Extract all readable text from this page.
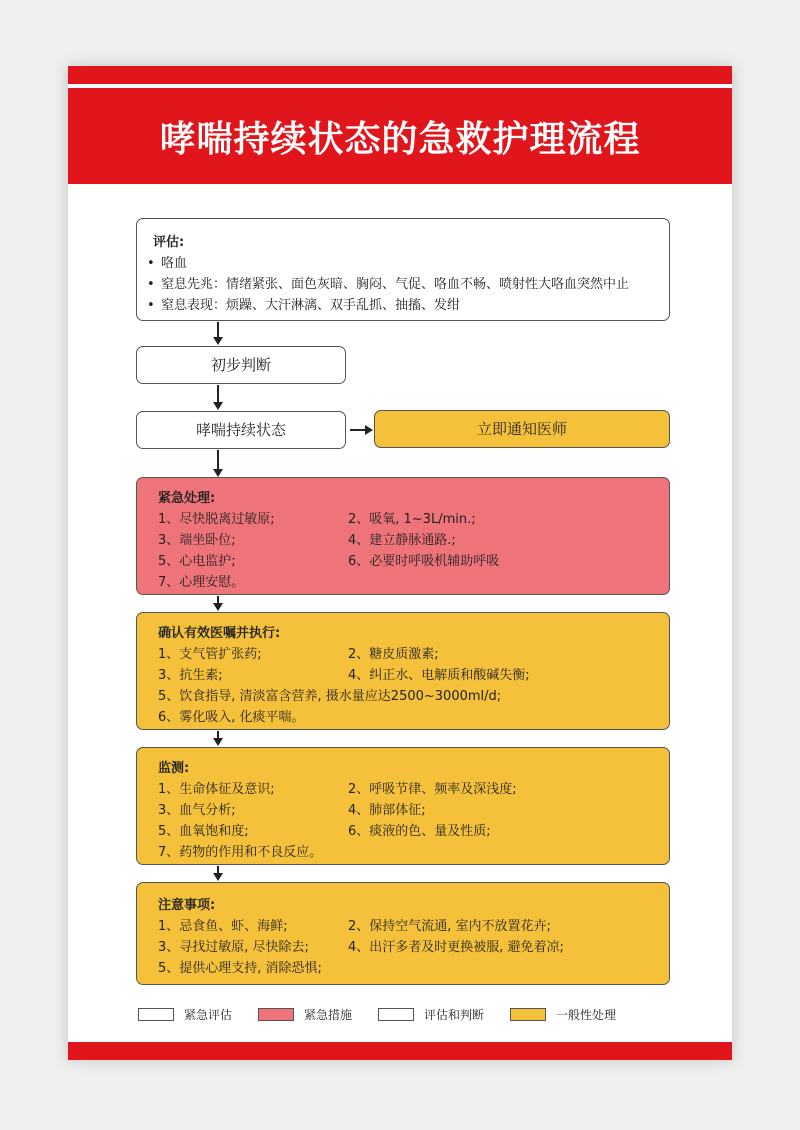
哮喘持续状态的急救护理流程
评估:
• 咯血
• 窒息先兆：情绪紧张、面色灰暗、胸闷、气促、咯血不畅、喷射性大咯血突然中止
• 窒息表现：烦躁、大汗淋漓、双手乱抓、抽搐、发绀
初步判断
哮喘持续状态	立即通知医师
紧急处理:
1、尽快脱离过敏原;	2、吸氧, 1~3L/min.;
3、端坐卧位;	4、建立静脉通路.;
5、心电监护;	6、必要时呼吸机辅助呼吸
7、心理安慰。
确认有效医嘱并执行:
1、支气管扩张药;	2、糖皮质激素;
3、抗生素;	4、纠正水、电解质和酸碱失衡;
5、饮食指导, 清淡富含营养, 摄水量应达2500~3000ml/d;
6、雾化吸入, 化痰平喘。
监测:
1、生命体征及意识;	2、呼吸节律、频率及深浅度;
3、血气分析;	4、肺部体征;
5、血氧饱和度;	6、痰液的色、量及性质;
7、药物的作用和不良反应。
注意事项:
1、忌食鱼、虾、海鲜;	2、保持空气流通, 室内不放置花卉;
3、寻找过敏原, 尽快除去;	4、出汗多者及时更换被服, 避免着凉;
5、提供心理支持, 消除恐惧;
紧急评估	紧急措施	评估和判断	一般性处理
